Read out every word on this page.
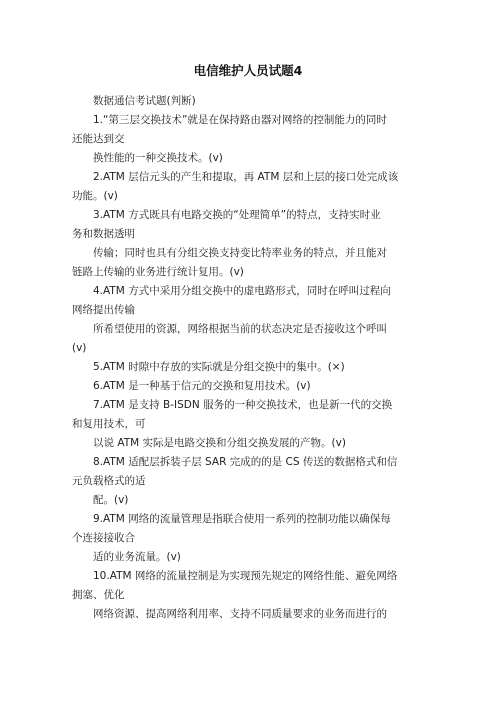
电信维护人员试题4
数据通信考试题(判断)
1.“第三层交换技术”就是在保持路由器对网络的控制能力的同时
还能达到交
换性能的一种交换技术。(v)
2.ATM 层信元头的产生和提取，再 ATM 层和上层的接口处完成该
功能。(v)
3.ATM 方式既具有电路交换的“处理简单”的特点，支持实时业
务和数据透明
传输；同时也具有分组交换支持变比特率业务的特点，并且能对
链路上传输的业务进行统计复用。(v)
4.ATM 方式中采用分组交换中的虚电路形式，同时在呼叫过程向
网络提出传输
所希望使用的资源，网络根据当前的状态决定是否接收这个呼叫
(v)
5.ATM 时隙中存放的实际就是分组交换中的集中。(×)
6.ATM 是一种基于信元的交换和复用技术。(v)
7.ATM 是支持 B-ISDN 服务的一种交换技术，也是新一代的交换
和复用技术，可
以说 ATM 实际是电路交换和分组交换发展的产物。(v)
8.ATM 适配层拆装子层 SAR 完成的的是 CS 传送的数据格式和信
元负载格式的适
配。(v)
9.ATM 网络的流量管理是指联合使用一系列的控制功能以确保每
个连接接收合
适的业务流量。(v)
10.ATM 网络的流量控制是为实现预先规定的网络性能、避免网络
拥塞、优化
网络资源、提高网络利用率、支持不同质量要求的业务而进行的
